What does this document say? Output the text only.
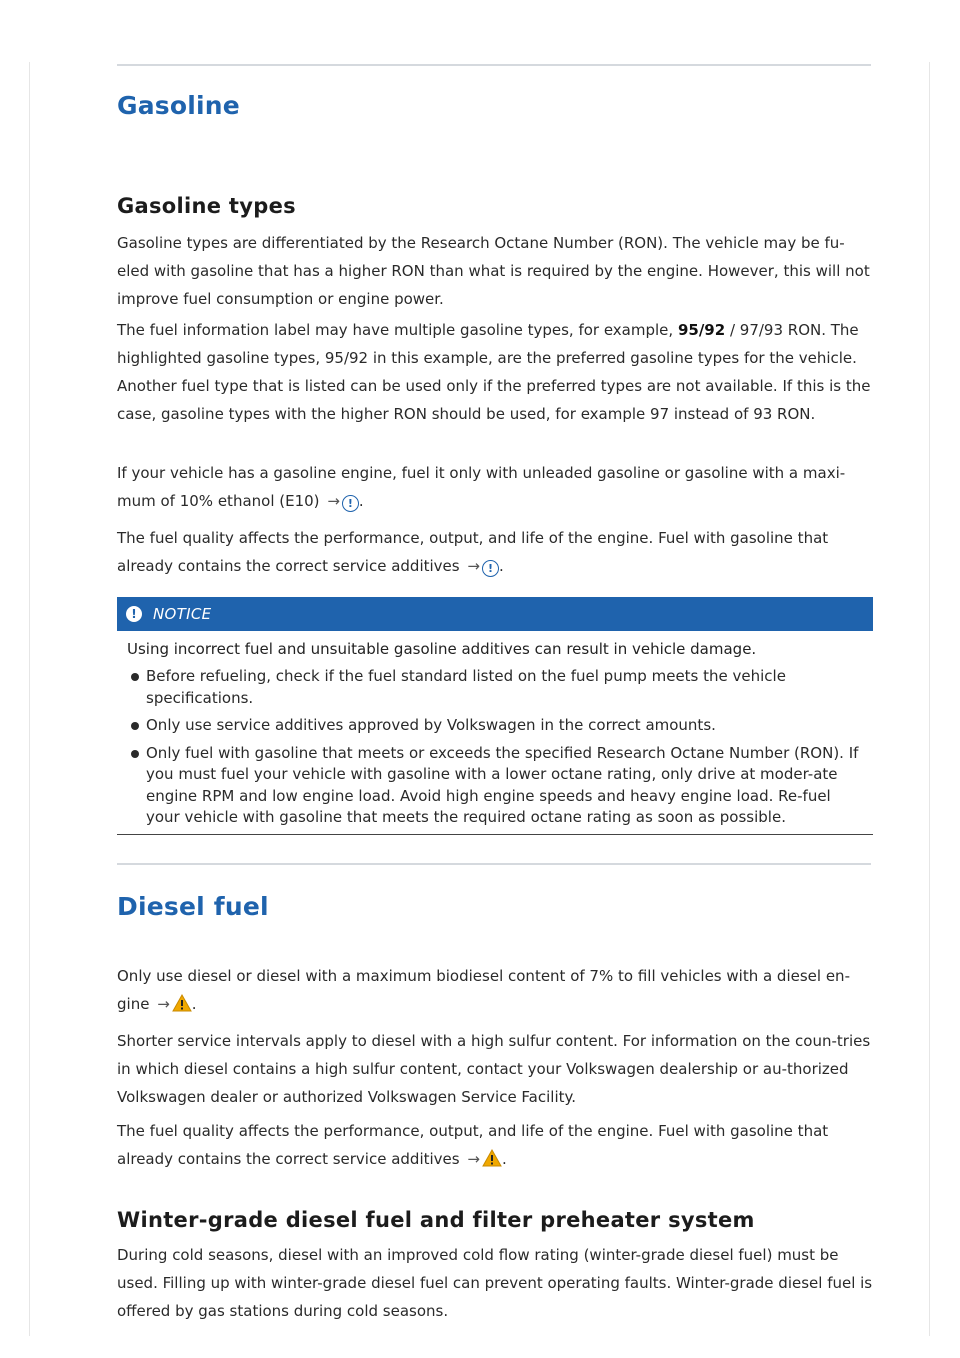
Gasoline
Gasoline types

Gasoline types are differentiated by the Research Octane Number (RON). The vehicle may be fu-eled with gasoline that has a higher RON than what is required by the engine. However, this will not improve fuel consumption or engine power.

The fuel information label may have multiple gasoline types, for example, 95/92 / 97/93 RON. The highlighted gasoline types, 95/92 in this example, are the preferred gasoline types for the vehicle. Another fuel type that is listed can be used only if the preferred types are not available. If this is the case, gasoline types with the higher RON should be used, for example 97 instead of 93 RON.

If your vehicle has a gasoline engine, fuel it only with unleaded gasoline or gasoline with a maxi-mum of 10% ethanol (E10) → ! .

The fuel quality affects the performance, output, and life of the engine. Fuel with gasoline that already contains the correct service additives → ! .

!	NOTICE

Using incorrect fuel and unsuitable gasoline additives can result in vehicle damage.

Before refueling, check if the fuel standard listed on the fuel pump meets the vehicle specifications.
Only use service additives approved by Volkswagen in the correct amounts.
Only fuel with gasoline that meets or exceeds the specified Research Octane Number (RON). If you must fuel your vehicle with gasoline with a lower octane rating, only drive at moder-ate engine RPM and low engine load. Avoid high engine speeds and heavy engine load. Re-fuel your vehicle with gasoline that meets the required octane rating as soon as possible.
Diesel fuel

Only use diesel or diesel with a maximum biodiesel content of 7% to fill vehicles with a diesel en-gine → .

Shorter service intervals apply to diesel with a high sulfur content. For information on the coun-tries in which diesel contains a high sulfur content, contact your Volkswagen dealership or au-thorized Volkswagen dealer or authorized Volkswagen Service Facility.

The fuel quality affects the performance, output, and life of the engine. Fuel with gasoline that already contains the correct service additives → .

Winter-grade diesel fuel and filter preheater system

During cold seasons, diesel with an improved cold flow rating (winter-grade diesel fuel) must be used. Filling up with winter-grade diesel fuel can prevent operating faults. Winter-grade diesel fuel is offered by gas stations during cold seasons.
